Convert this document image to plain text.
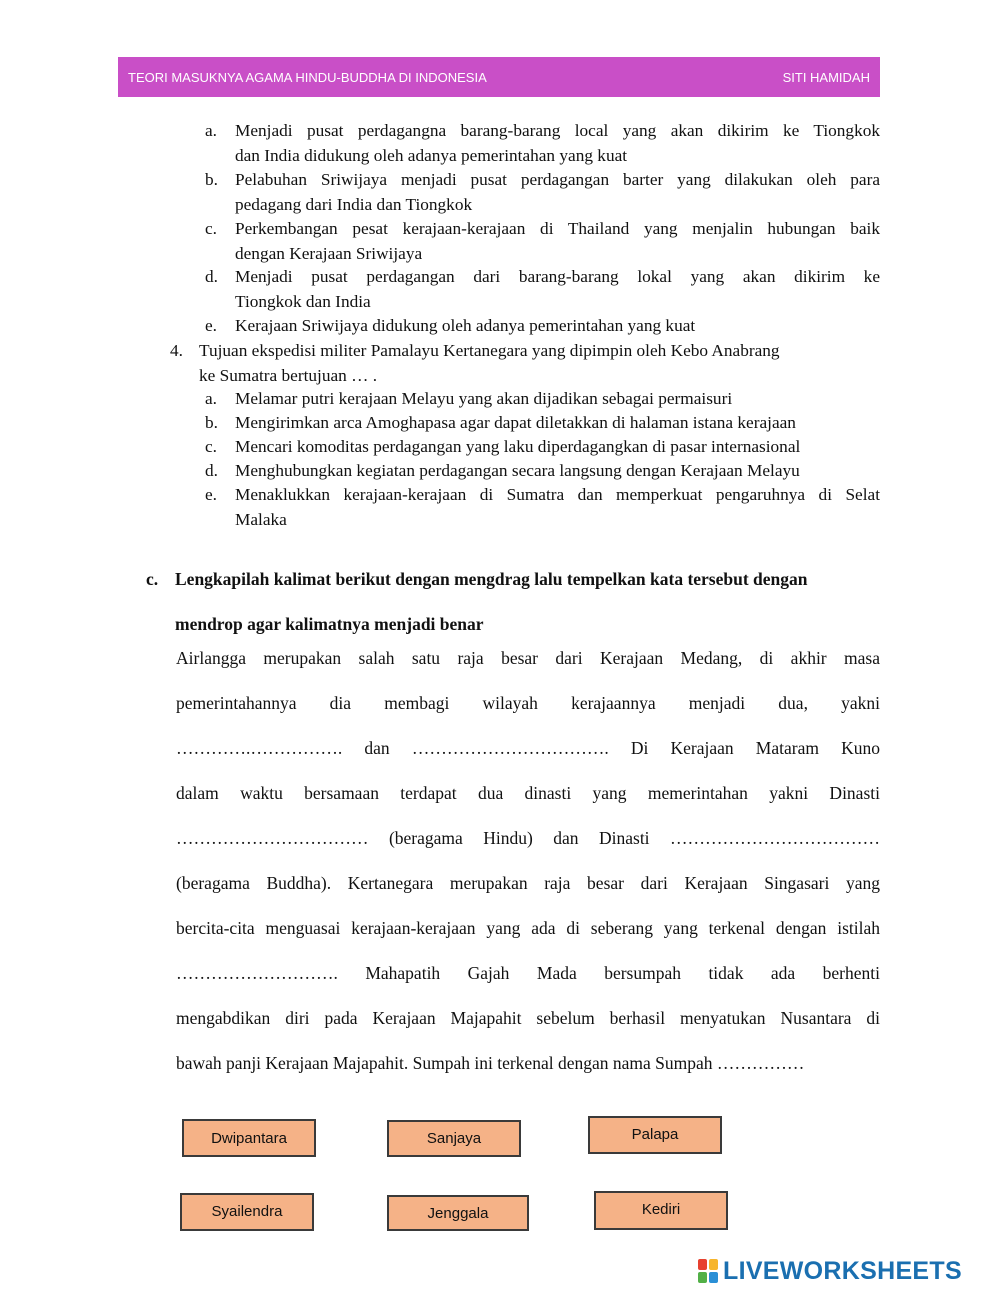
TEORI MASUKNYA AGAMA HINDU-BUDDHA DI INDONESIA	SITI HAMIDAH
a. Menjadi pusat perdagangna barang-barang local yang akan dikirim ke Tiongkok
dan India didukung oleh adanya pemerintahan yang kuat
b. Pelabuhan Sriwijaya menjadi pusat perdagangan barter yang dilakukan oleh para
pedagang dari India dan Tiongkok
c. Perkembangan pesat kerajaan-kerajaan di Thailand yang menjalin hubungan baik
dengan Kerajaan Sriwijaya
d. Menjadi pusat perdagangan dari barang-barang lokal yang akan dikirim ke
Tiongkok dan India
e. Kerajaan Sriwijaya didukung oleh adanya pemerintahan yang kuat
4. Tujuan ekspedisi militer Pamalayu Kertanegara yang dipimpin oleh Kebo Anabrang
ke Sumatra bertujuan … .
a. Melamar putri kerajaan Melayu yang akan dijadikan sebagai permaisuri
b. Mengirimkan arca Amoghapasa agar dapat diletakkan di halaman istana kerajaan
c. Mencari komoditas perdagangan yang laku diperdagangkan di pasar internasional
d. Menghubungkan kegiatan perdagangan secara langsung dengan Kerajaan Melayu
e. Menaklukkan kerajaan-kerajaan di Sumatra dan memperkuat pengaruhnya di Selat
Malaka
c. Lengkapilah kalimat berikut dengan mengdrag lalu tempelkan kata tersebut dengan
mendrop agar kalimatnya menjadi benar
Airlangga merupakan salah satu raja besar dari Kerajaan Medang, di akhir masa
pemerintahannya dia membagi wilayah kerajaannya menjadi dua, yakni
………….……………. dan ……………………………. Di Kerajaan Mataram Kuno
dalam waktu bersamaan terdapat dua dinasti yang memerintahan yakni Dinasti
…………………………… (beragama Hindu) dan Dinasti ………………………………
(beragama Buddha). Kertanegara merupakan raja besar dari Kerajaan Singasari yang
bercita-cita menguasai kerajaan-kerajaan yang ada di seberang yang terkenal dengan istilah
………………………. Mahapatih Gajah Mada bersumpah tidak ada berhenti
mengabdikan diri pada Kerajaan Majapahit sebelum berhasil menyatukan Nusantara di
bawah panji Kerajaan Majapahit. Sumpah ini terkenal dengan nama Sumpah ……………
Dwipantara	Sanjaya	Palapa
Syailendra	Jenggala	Kediri
LIVEWORKSHEETS
